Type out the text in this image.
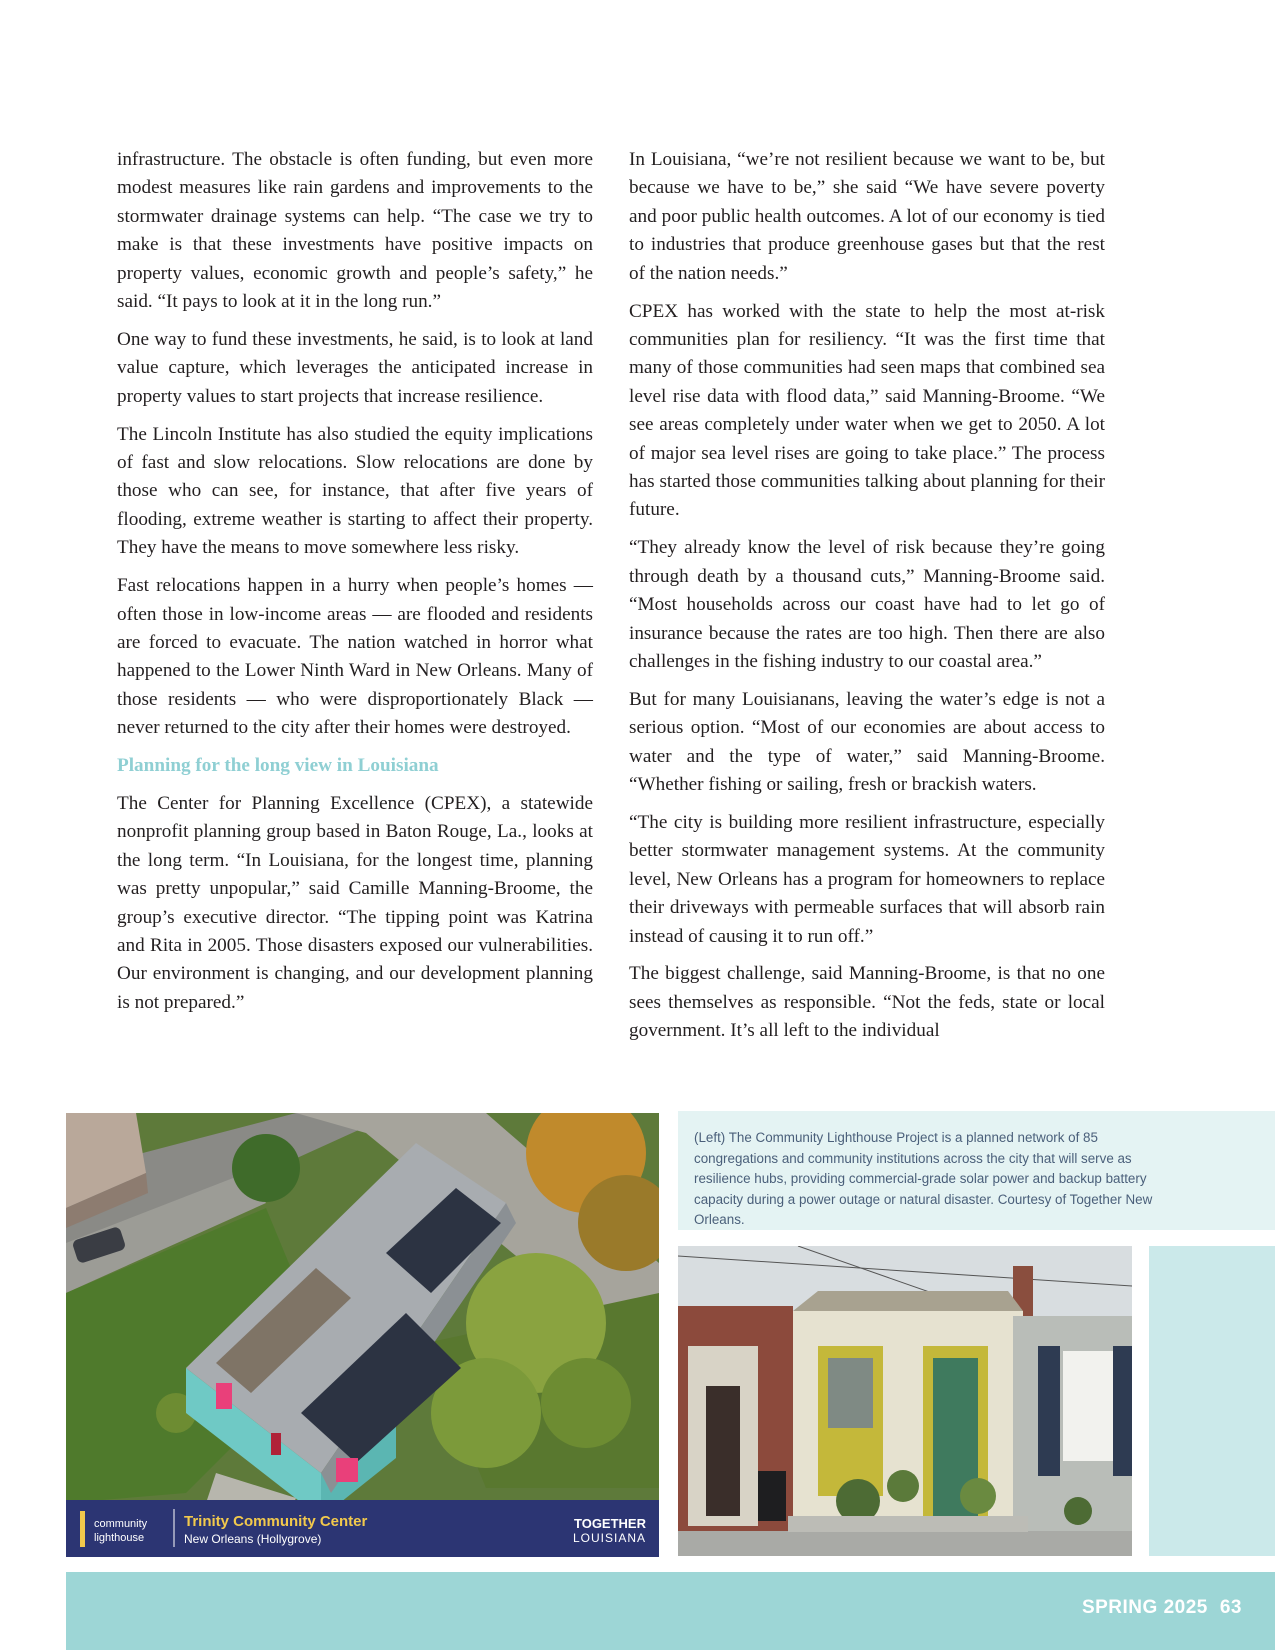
infrastructure. The obstacle is often funding, but even more modest measures like rain gardens and improvements to the stormwater drainage systems can help. “The case we try to make is that these investments have positive impacts on property values, economic growth and people’s safety,” he said. “It pays to look at it in the long run.”

One way to fund these investments, he said, is to look at land value capture, which leverages the anticipated increase in property values to start projects that increase resilience.

The Lincoln Institute has also studied the equity implications of fast and slow relocations. Slow relocations are done by those who can see, for instance, that after five years of flooding, extreme weather is starting to affect their property. They have the means to move somewhere less risky.

Fast relocations happen in a hurry when people’s homes — often those in low-income areas — are flooded and residents are forced to evacuate. The nation watched in horror what happened to the Lower Ninth Ward in New Orleans. Many of those residents — who were disproportionately Black — never returned to the city after their homes were destroyed.

Planning for the long view in Louisiana

The Center for Planning Excellence (CPEX), a statewide nonprofit planning group based in Baton Rouge, La., looks at the long term. “In Louisiana, for the longest time, planning was pretty unpopular,” said Camille Manning-Broome, the group’s executive director. “The tipping point was Katrina and Rita in 2005. Those disasters exposed our vulnerabilities. Our environment is changing, and our development planning is not prepared.”

In Louisiana, “we’re not resilient because we want to be, but because we have to be,” she said “We have severe poverty and poor public health outcomes. A lot of our economy is tied to industries that produce greenhouse gases but that the rest of the nation needs.”

CPEX has worked with the state to help the most at-risk communities plan for resiliency. “It was the first time that many of those communities had seen maps that combined sea level rise data with flood data,” said Manning-Broome. “We see areas completely under water when we get to 2050. A lot of major sea level rises are going to take place.” The process has started those communities talking about planning for their future.

“They already know the level of risk because they’re going through death by a thousand cuts,” Manning-Broome said. “Most households across our coast have had to let go of insurance because the rates are too high. Then there are also challenges in the fishing industry to our coastal area.”

But for many Louisianans, leaving the water’s edge is not a serious option. “Most of our economies are about access to water and the type of water,” said Manning-Broome. “Whether fishing or sailing, fresh or brackish waters.

“The city is building more resilient infrastructure, especially better stormwater management systems. At the community level, New Orleans has a program for homeowners to replace their driveways with permeable surfaces that will absorb rain instead of causing it to run off.”

The biggest challenge, said Manning-Broome, is that no one sees themselves as responsible. “Not the feds, state or local government. It’s all left to the individual

community
lighthouse
Trinity Community Center
New Orleans (Hollygrove)
TOGETHER
LOUISIANA
(Left) The Community Lighthouse Project is a planned network of 85 congregations and community institutions across the city that will serve as resilience hubs, providing commercial-grade solar power and backup battery capacity during a power outage or natural disaster. Courtesy of Together New Orleans.
SPRING 2025 63
